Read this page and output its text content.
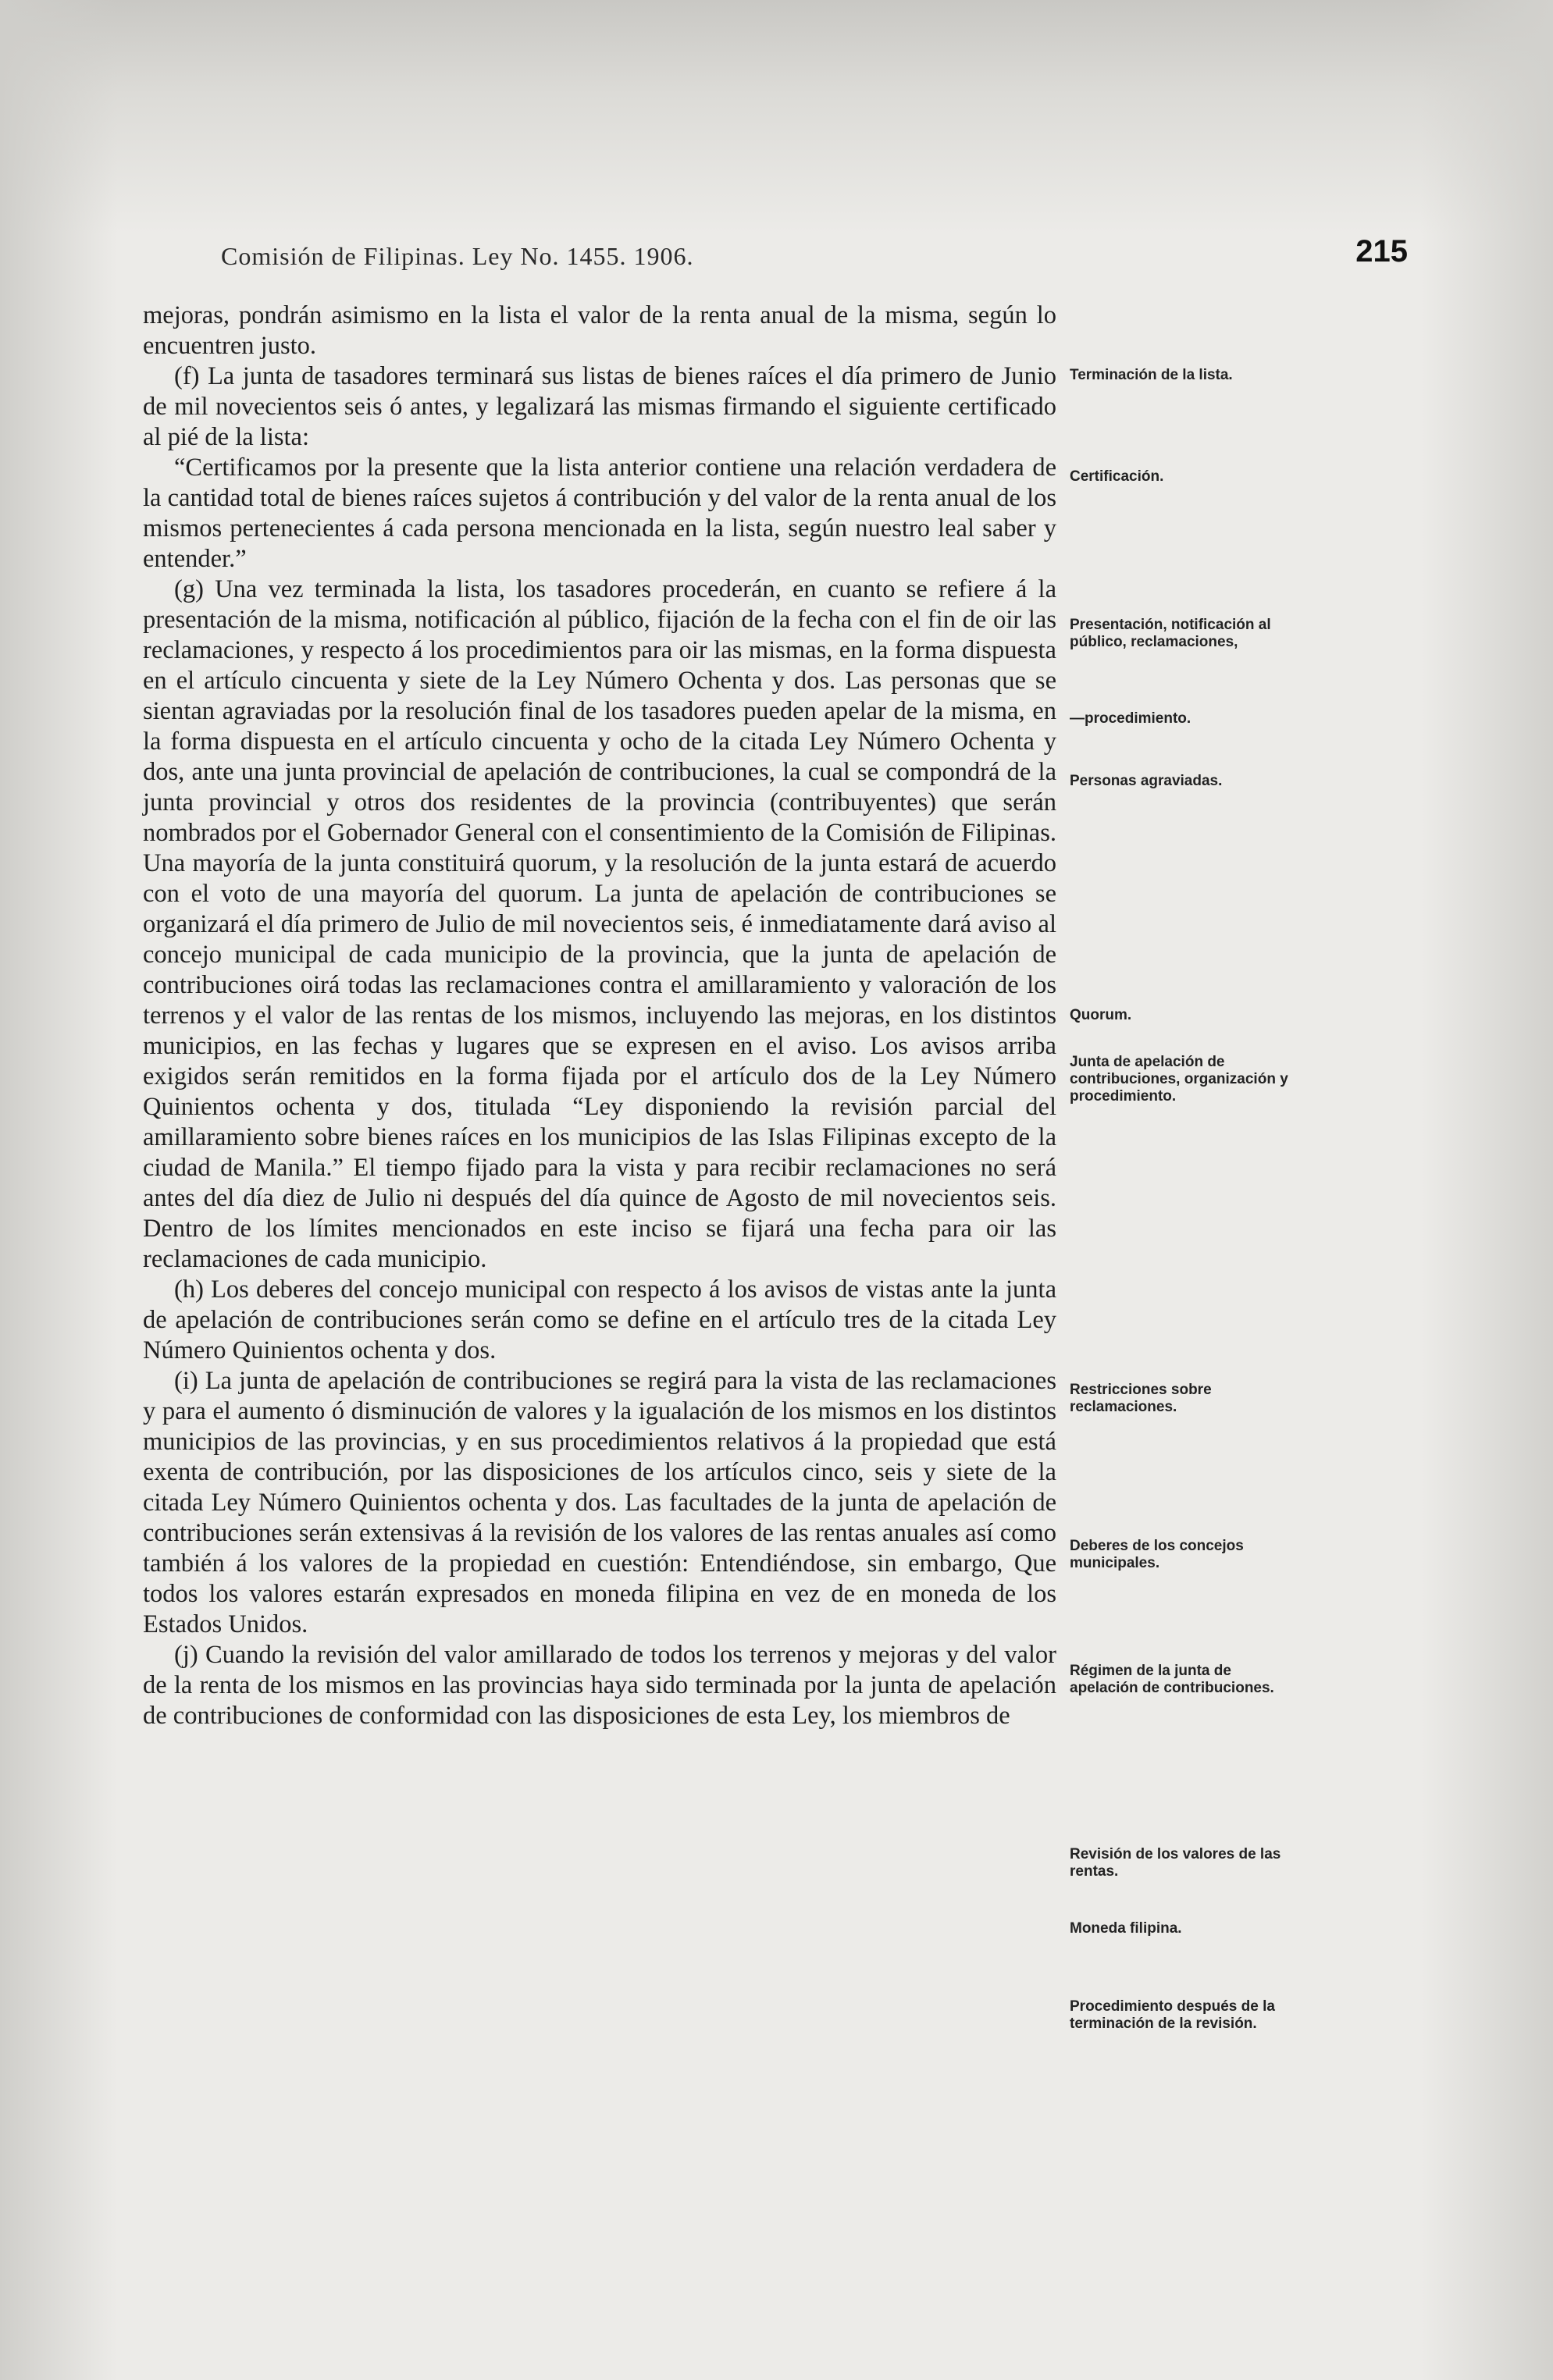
Comisión de Filipinas. Ley No. 1455. 1906.	215

mejoras, pondrán asimismo en la lista el valor de la renta anual de la misma, según lo encuentren justo.

(f) La junta de tasadores terminará sus listas de bienes raíces el día primero de Junio de mil novecientos seis ó antes, y legalizará las mismas firmando el siguiente certificado al pié de la lista:

“Certificamos por la presente que la lista anterior contiene una relación verdadera de la cantidad total de bienes raíces sujetos á contribución y del valor de la renta anual de los mismos pertenecientes á cada persona mencionada en la lista, según nuestro leal saber y entender.”

(g) Una vez terminada la lista, los tasadores procederán, en cuanto se refiere á la presentación de la misma, notificación al público, fijación de la fecha con el fin de oir las reclamaciones, y respecto á los procedimientos para oir las mismas, en la forma dispuesta en el artículo cincuenta y siete de la Ley Número Ochenta y dos. Las personas que se sientan agraviadas por la resolución final de los tasadores pueden apelar de la misma, en la forma dispuesta en el artículo cincuenta y ocho de la citada Ley Número Ochenta y dos, ante una junta provincial de apelación de contribuciones, la cual se compondrá de la junta provincial y otros dos residentes de la provincia (contribuyentes) que serán nombrados por el Gobernador General con el consentimiento de la Comisión de Filipinas. Una mayoría de la junta constituirá quorum, y la resolución de la junta estará de acuerdo con el voto de una mayoría del quorum. La junta de apelación de contribuciones se organizará el día primero de Julio de mil novecientos seis, é inmediatamente dará aviso al concejo municipal de cada municipio de la provincia, que la junta de apelación de contribuciones oirá todas las reclamaciones contra el amillaramiento y valoración de los terrenos y el valor de las rentas de los mismos, incluyendo las mejoras, en los distintos municipios, en las fechas y lugares que se expresen en el aviso. Los avisos arriba exigidos serán remitidos en la forma fijada por el artículo dos de la Ley Número Quinientos ochenta y dos, titulada “Ley disponiendo la revisión parcial del amillaramiento sobre bienes raíces en los municipios de las Islas Filipinas excepto de la ciudad de Manila.” El tiempo fijado para la vista y para recibir reclamaciones no será antes del día diez de Julio ni después del día quince de Agosto de mil novecientos seis. Dentro de los límites mencionados en este inciso se fijará una fecha para oir las reclamaciones de cada municipio.

(h) Los deberes del concejo municipal con respecto á los avisos de vistas ante la junta de apelación de contribuciones serán como se define en el artículo tres de la citada Ley Número Quinientos ochenta y dos.

(i) La junta de apelación de contribuciones se regirá para la vista de las reclamaciones y para el aumento ó disminución de valores y la igualación de los mismos en los distintos municipios de las provincias, y en sus procedimientos relativos á la propiedad que está exenta de contribución, por las disposiciones de los artículos cinco, seis y siete de la citada Ley Número Quinientos ochenta y dos. Las facultades de la junta de apelación de contribuciones serán extensivas á la revisión de los valores de las rentas anuales así como también á los valores de la propiedad en cuestión: Entendiéndose, sin embargo, Que todos los valores estarán expresados en moneda filipina en vez de en moneda de los Estados Unidos.

(j) Cuando la revisión del valor amillarado de todos los terrenos y mejoras y del valor de la renta de los mismos en las provincias haya sido terminada por la junta de apelación de contribuciones de conformidad con las disposiciones de esta Ley, los miembros de

Terminación de la lista.
Certificación.
Presentación, notificación al público, reclamaciones,
—procedimiento.
Personas agraviadas.
Quorum.
Junta de apelación de contribuciones, organización y procedimiento.
Restricciones sobre reclamaciones.
Deberes de los concejos municipales.
Régimen de la junta de apelación de contribuciones.
Revisión de los valores de las rentas.
Moneda filipina.
Procedimiento después de la terminación de la revisión.
